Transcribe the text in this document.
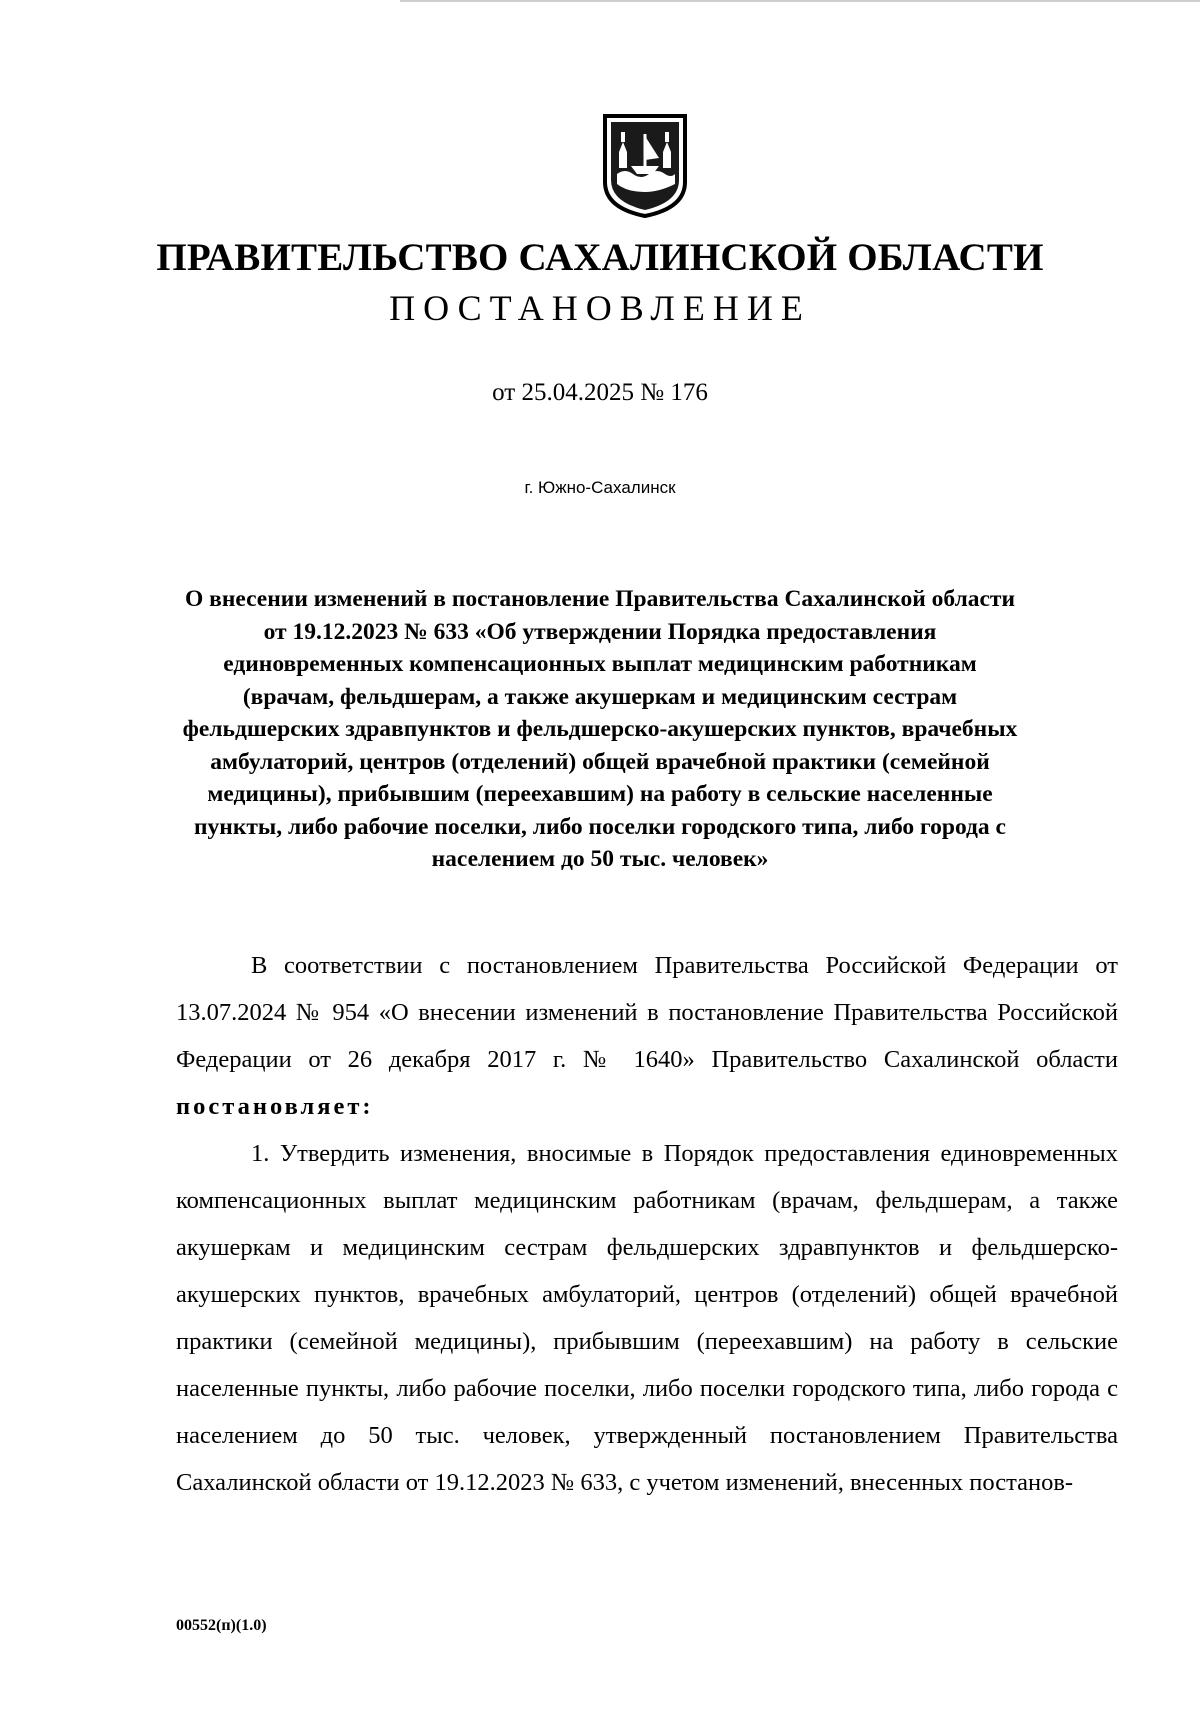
ПРАВИТЕЛЬСТВО САХАЛИНСКОЙ ОБЛАСТИ
ПОСТАНОВЛЕНИЕ
от 25.04.2025 № 176
г. Южно-Сахалинск

О внесении изменений в постановление Правительства Сахалинской области от 19.12.2023 № 633 «Об утверждении Порядка предоставления единовременных компенсационных выплат медицинским работникам (врачам, фельдшерам, а также акушеркам и медицинским сестрам фельдшерских здравпунктов и фельдшерско-акушерских пунктов, врачебных амбулаторий, центров (отделений) общей врачебной практики (семейной медицины), прибывшим (переехавшим) на работу в сельские населенные пункты, либо рабочие поселки, либо поселки городского типа, либо города с населением до 50 тыс. человек»

В соответствии с постановлением Правительства Российской Федерации от 13.07.2024 № 954 «О внесении изменений в постановление Правительства Российской Федерации от 26 декабря 2017 г. № 1640» Правительство Сахалинской области постановляет:

1. Утвердить изменения, вносимые в Порядок предоставления единовременных компенсационных выплат медицинским работникам (врачам, фельдшерам, а также акушеркам и медицинским сестрам фельдшерских здравпунктов и фельдшерско-акушерских пунктов, врачебных амбулаторий, центров (отделений) общей врачебной практики (семейной медицины), прибывшим (переехавшим) на работу в сельские населенные пункты, либо рабочие поселки, либо поселки городского типа, либо города с населением до 50 тыс. человек, утвержденный постановлением Правительства Сахалинской области от 19.12.2023 № 633, с учетом изменений, внесенных постанов-

00552(п)(1.0)
